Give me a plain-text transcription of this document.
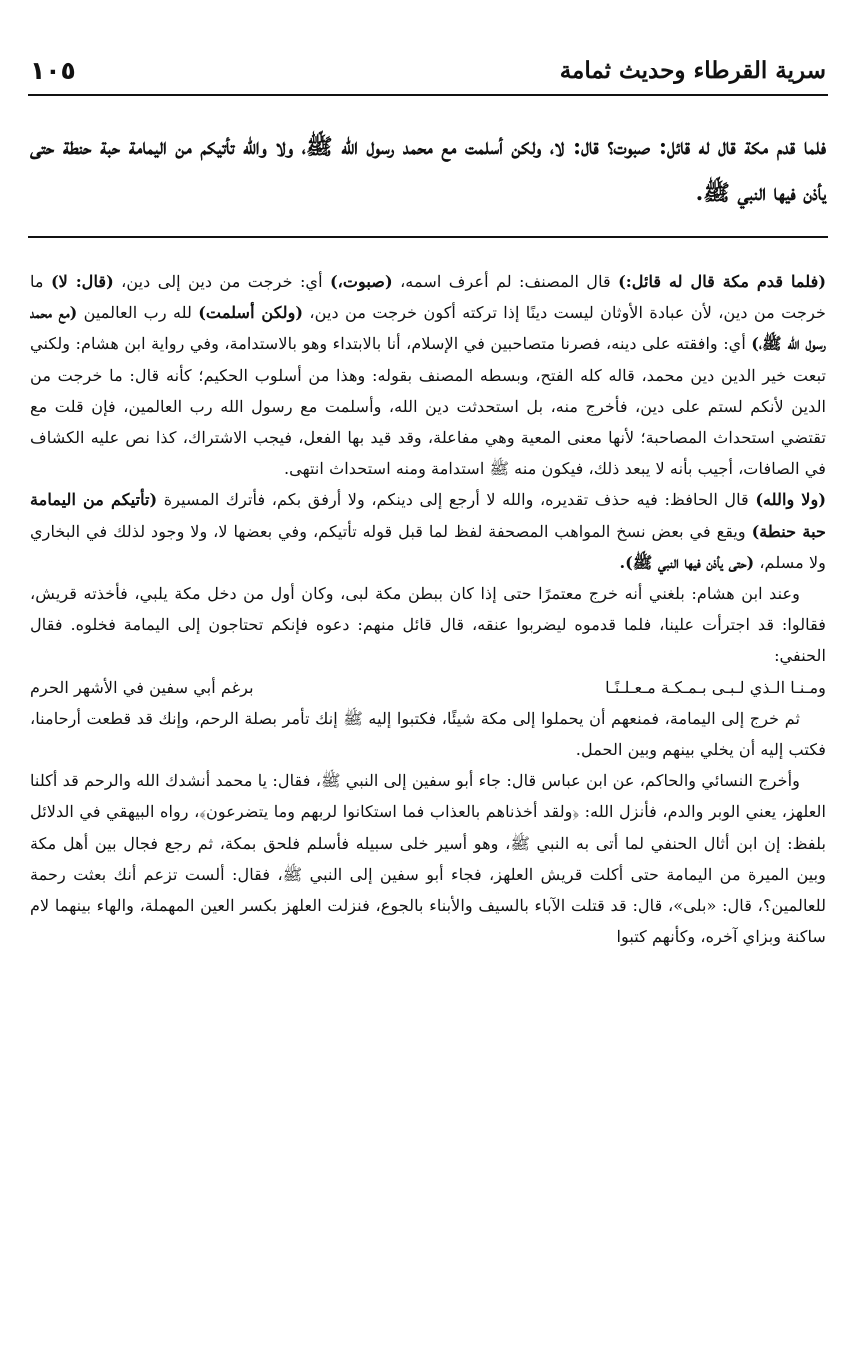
سرية القرطاء وحديث ثمامة
١٠٥
فلما قدم مكة قال له قائل: صبوت؟ قال: لا، ولكن أسلمت مع محمد رسول الله ﷺ، ولا والله تأتيكم من اليمامة حبة حنطة حتى يأذن فيها النبي ﷺ.

(فلما قدم مكة قال له قائل:) قال المصنف: لم أعرف اسمه، (صبوت،) أي: خرجت من دين إلى دين، (قال: لا) ما خرجت من دين، لأن عبادة الأوثان ليست دينًا إذا تركته أكون خرجت من دين، (ولكن أسلمت) لله رب العالمين (مع محمد رسول الله ﷺ،) أي: وافقته على دينه، فصرنا متصاحبين في الإسلام، أنا بالابتداء وهو بالاستدامة، وفي رواية ابن هشام: ولكني تبعت خير الدين دين محمد، قاله كله الفتح، وبسطه المصنف بقوله: وهذا من أسلوب الحكيم؛ كأنه قال: ما خرجت من الدين لأنكم لستم على دين، فأخرج منه، بل استحدثت دين الله، وأسلمت مع رسول الله رب العالمين، فإن قلت مع تقتضي استحداث المصاحبة؛ لأنها معنى المعية وهي مفاعلة، وقد قيد بها الفعل، فيجب الاشتراك، كذا نص عليه الكشاف في الصافات، أجيب بأنه لا يبعد ذلك، فيكون منه ﷺ استدامة ومنه استحداث انتهى.

(ولا والله) قال الحافظ: فيه حذف تقديره، والله لا أرجع إلى دينكم، ولا أرفق بكم، فأترك المسيرة (تأتيكم من اليمامة حبة حنطة) ويقع في بعض نسخ المواهب المصحفة لفظ لما قبل قوله تأتيكم، وفي بعضها لا، ولا وجود لذلك في البخاري ولا مسلم، (حتى يأذن فيها النبي ﷺ).

وعند ابن هشام: بلغني أنه خرج معتمرًا حتى إذا كان ببطن مكة لبى، وكان أول من دخل مكة يلبي، فأخذته قريش، فقالوا: قد اجترأت علينا، فلما قدموه ليضربوا عنقه، قال قائل منهم: دعوه فإنكم تحتاجون إلى اليمامة فخلوه. فقال الحنفي:

ومـنـا الـذي لـبـى بـمـكـة مـعـلـنًـا
برغم أبي سفين في الأشهر الحرم

ثم خرج إلى اليمامة، فمنعهم أن يحملوا إلى مكة شيئًا، فكتبوا إليه ﷺ إنك تأمر بصلة الرحم، وإنك قد قطعت أرحامنا، فكتب إليه أن يخلي بينهم وبين الحمل.

وأخرج النسائي والحاكم، عن ابن عباس قال: جاء أبو سفين إلى النبي ﷺ، فقال: يا محمد أنشدك الله والرحم قد أكلنا العلهز، يعني الوبر والدم، فأنزل الله: ﴿ولقد أخذناهم بالعذاب فما استكانوا لربهم وما يتضرعون﴾، رواه البيهقي في الدلائل بلفظ: إن ابن أثال الحنفي لما أتى به النبي ﷺ، وهو أسير خلى سبيله فأسلم فلحق بمكة، ثم رجع فجال بين أهل مكة وبين الميرة من اليمامة حتى أكلت قريش العلهز، فجاء أبو سفين إلى النبي ﷺ، فقال: ألست تزعم أنك بعثت رحمة للعالمين؟، قال: «بلى»، قال: قد قتلت الآباء بالسيف والأبناء بالجوع، فنزلت العلهز بكسر العين المهملة، والهاء بينهما لام ساكنة وبزاي آخره، وكأنهم كتبوا
